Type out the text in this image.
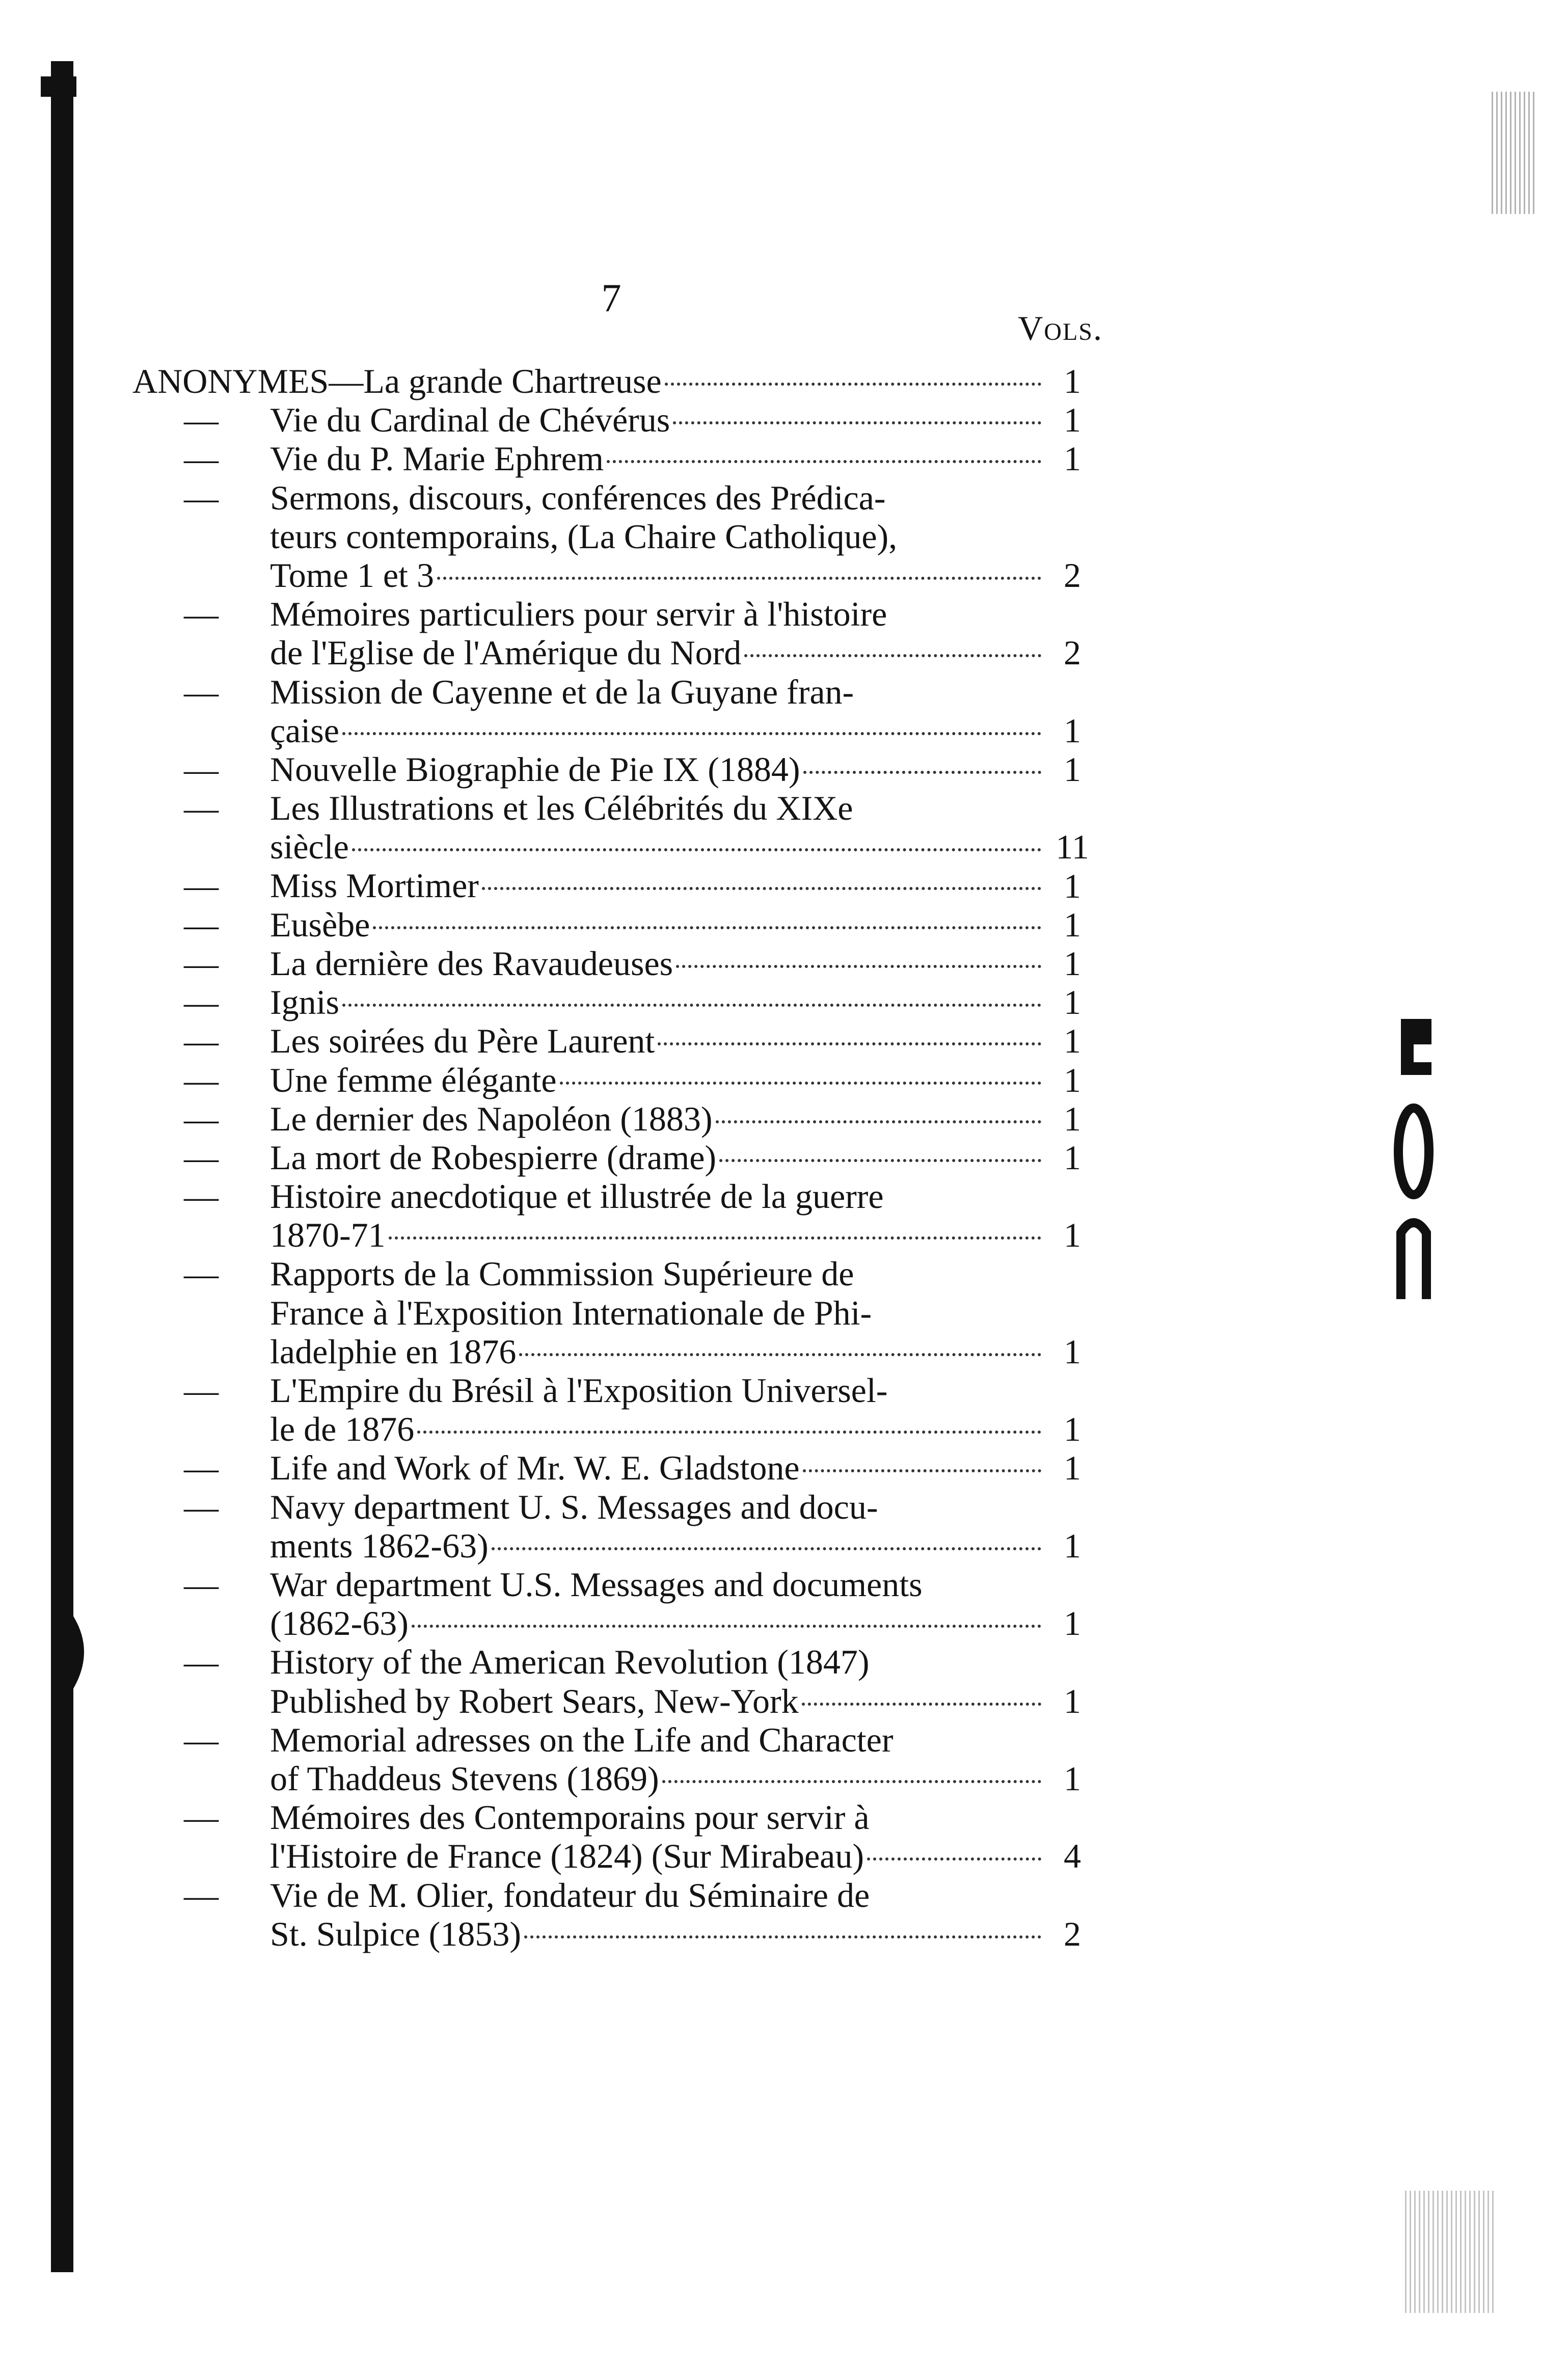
7
Vols.
ANONYMES— La grande Chartreuse	1
—	Vie du Cardinal de Chévérus	1
—	Vie du P. Marie Ephrem	1
—	Sermons, discours, conférences des Prédica-
teurs contemporains, (La Chaire Catholique),
Tome 1 et 3	2
—	Mémoires particuliers pour servir à l'histoire
de l'Eglise de l'Amérique du Nord	2
—	Mission de Cayenne et de la Guyane fran-
çaise	1
—	Nouvelle Biographie de Pie IX (1884)	1
—	Les Illustrations et les Célébrités du XIXe
siècle	11
—	Miss Mortimer	1
—	Eusèbe	1
—	La dernière des Ravaudeuses	1
—	Ignis	1
—	Les soirées du Père Laurent	1
—	Une femme élégante	1
—	Le dernier des Napoléon (1883)	1
—	La mort de Robespierre (drame)	1
—	Histoire anecdotique et illustrée de la guerre
1870-71	1
—	Rapports de la Commission Supérieure de
France à l'Exposition Internationale de Phi-
ladelphie en 1876	1
—	L'Empire du Brésil à l'Exposition Universel-
le de 1876	1
—	Life and Work of Mr. W. E. Gladstone	1
—	Navy department U. S. Messages and docu-
ments 1862-63)	1
—	War department U.S. Messages and documents
(1862-63)	1
—	History of the American Revolution (1847)
Published by Robert Sears, New-York	1
—	Memorial adresses on the Life and Character
of Thaddeus Stevens (1869)	1
—	Mémoires des Contemporains pour servir à
l'Histoire de France (1824) (Sur Mirabeau)	4
—	Vie de M. Olier, fondateur du Séminaire de
St. Sulpice (1853)	2
